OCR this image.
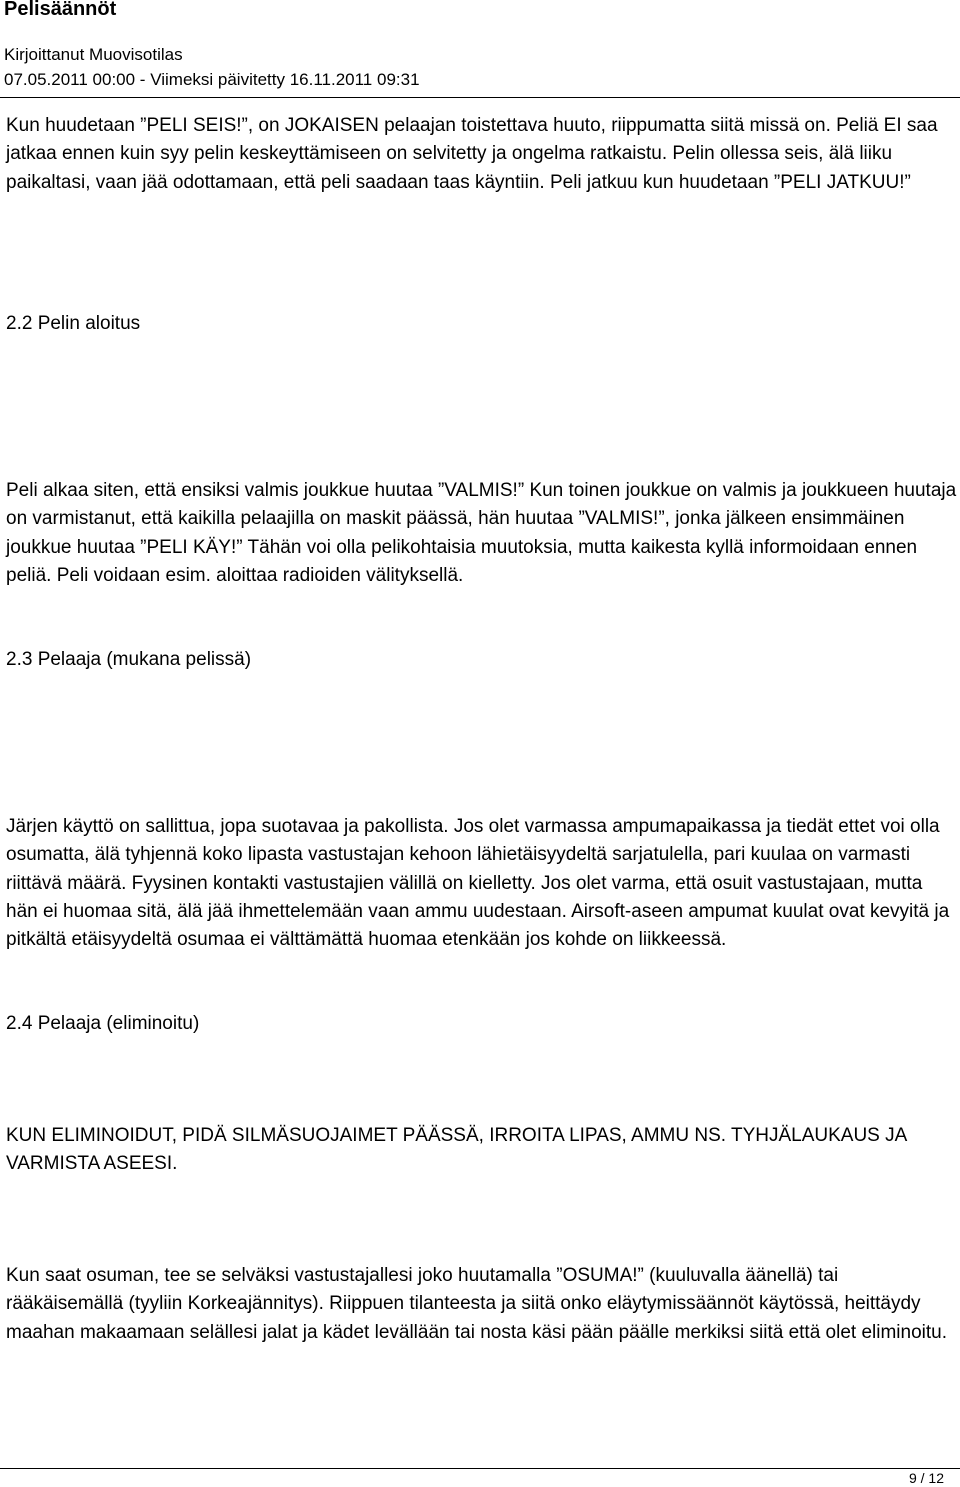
Pelisäännöt
Kirjoittanut Muovisotilas
07.05.2011 00:00 - Viimeksi päivitetty 16.11.2011 09:31

Kun huudetaan ”PELI SEIS!”, on JOKAISEN pelaajan toistettava huuto, riippumatta siitä missä on. Peliä EI saa jatkaa ennen kuin syy pelin keskeyttämiseen on selvitetty ja ongelma ratkaistu. Pelin ollessa seis, älä liiku paikaltasi, vaan jää odottamaan, että peli saadaan taas käyntiin. Peli jatkuu kun huudetaan ”PELI JATKUU!”

2.2 Pelin aloitus

Peli alkaa siten, että ensiksi valmis joukkue huutaa ”VALMIS!” Kun toinen joukkue on valmis ja joukkueen huutaja on varmistanut, että kaikilla pelaajilla on maskit päässä, hän huutaa ”VALMIS!”, jonka jälkeen ensimmäinen joukkue huutaa ”PELI KÄY!” Tähän voi olla pelikohtaisia muutoksia, mutta kaikesta kyllä informoidaan ennen peliä. Peli voidaan esim. aloittaa radioiden välityksellä.

2.3 Pelaaja (mukana pelissä)

Järjen käyttö on sallittua, jopa suotavaa ja pakollista. Jos olet varmassa ampumapaikassa ja tiedät ettet voi olla osumatta, älä tyhjennä koko lipasta vastustajan kehoon lähietäisyydeltä sarjatulella, pari kuulaa on varmasti riittävä määrä. Fyysinen kontakti vastustajien välillä on kielletty. Jos olet varma, että osuit vastustajaan, mutta hän ei huomaa sitä, älä jää ihmettelemään vaan ammu uudestaan. Airsoft-aseen ampumat kuulat ovat kevyitä ja pitkältä etäisyydeltä osumaa ei välttämättä huomaa etenkään jos kohde on liikkeessä.

2.4 Pelaaja (eliminoitu)

KUN ELIMINOIDUT, PIDÄ SILMÄSUOJAIMET PÄÄSSÄ, IRROITA LIPAS, AMMU NS. TYHJÄLAUKAUS JA VARMISTA ASEESI.

Kun saat osuman, tee se selväksi vastustajallesi joko huutamalla ”OSUMA!” (kuuluvalla äänellä) tai rääkäisemällä (tyyliin Korkeajännitys). Riippuen tilanteesta ja siitä onko eläytymissäännöt käytössä, heittäydy maahan makaamaan selällesi jalat ja kädet levällään tai nosta käsi pään päälle merkiksi siitä että olet eliminoitu.

9 / 12
